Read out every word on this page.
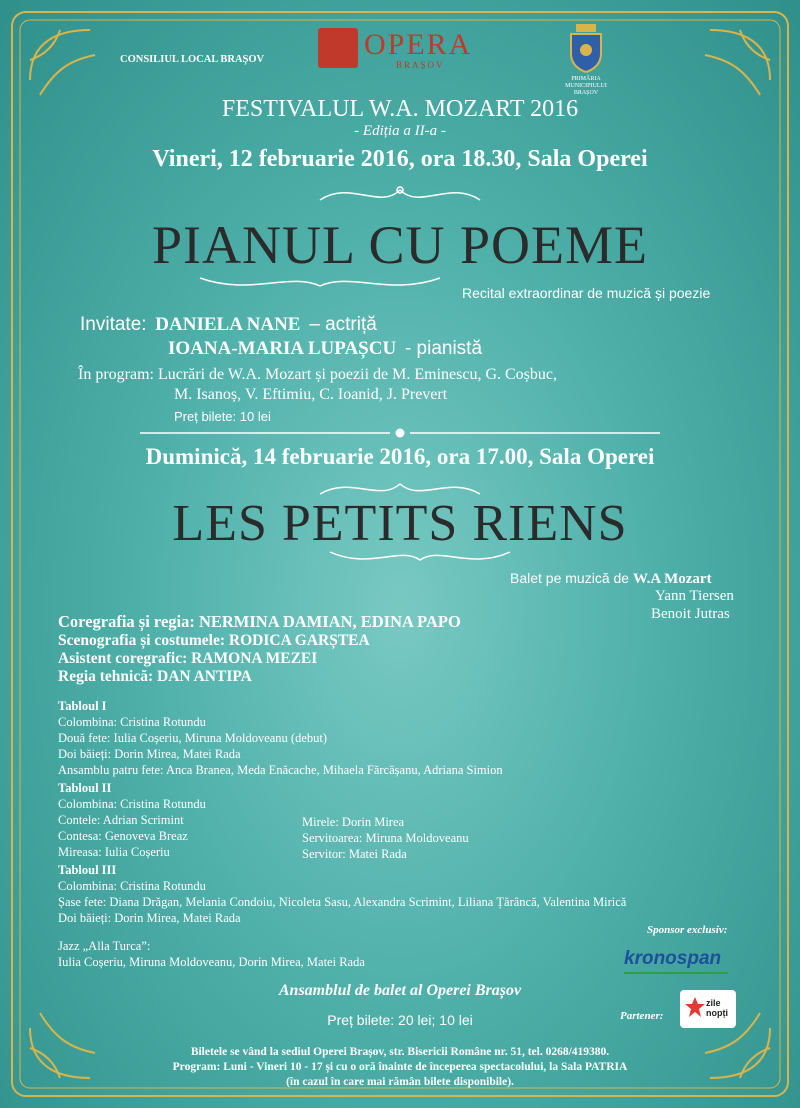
CONSILIUL LOCAL BRAŞOV	OPERA
BRAȘOV
PRIMĂRIA MUNICIPIULUI BRAȘOV
FESTIVALUL W.A. MOZART 2016
- Ediția a II-a -
Vineri, 12 februarie 2016, ora 18.30, Sala Operei
PIANUL CU POEME
Recital extraordinar de muzică și poezie
Invitate: DANIELA NANE – actriță
IOANA-MARIA LUPAȘCU - pianistă
În program: Lucrări de W.A. Mozart și poezii de M. Eminescu, G. Coșbuc,
M. Isanoș, V. Eftimiu, C. Ioanid, J. Prevert
Preț bilete: 10 lei
Duminică, 14 februarie 2016, ora 17.00, Sala Operei
LES PETITS RIENS
Balet pe muzică de W.A Mozart
Yann Tiersen
Benoit Jutras
Coregrafia și regia: NERMINA DAMIAN, EDINA PAPO
Scenografia și costumele: RODICA GARȘTEA
Asistent coregrafic: RAMONA MEZEI
Regia tehnică: DAN ANTIPA
Tabloul I
Colombina: Cristina Rotundu
Două fete: Iulia Coșeriu, Miruna Moldoveanu (debut)
Doi băieți: Dorin Mirea, Matei Rada
Ansamblu patru fete: Anca Branea, Meda Enăcache, Mihaela Fărcășanu, Adriana Simion
Tabloul II
Colombina: Cristina Rotundu
Contele: Adrian Scrimint
Contesa: Genoveva Breaz
Mireasa: Iulia Coșeriu
Mirele: Dorin Mirea
Servitoarea: Miruna Moldoveanu
Servitor: Matei Rada
Tabloul III
Colombina: Cristina Rotundu
Șase fete: Diana Drăgan, Melania Condoiu, Nicoleta Sasu, Alexandra Scrimint, Liliana Țărâncă, Valentina Mirică
Doi băieți: Dorin Mirea, Matei Rada
Jazz „Alla Turca”:
Iulia Coșeriu, Miruna Moldoveanu, Dorin Mirea, Matei Rada
Sponsor exclusiv:
kronospan
Ansamblul de balet al Operei Brașov
Preț bilete: 20 lei; 10 lei	Partener:
zile nopți
Biletele se vând la sediul Operei Brașov, str. Bisericii Române nr. 51, tel. 0268/419380.
Program: Luni - Vineri 10 - 17 și cu o oră înainte de începerea spectacolului, la Sala PATRIA
(în cazul în care mai rămân bilete disponibile).
